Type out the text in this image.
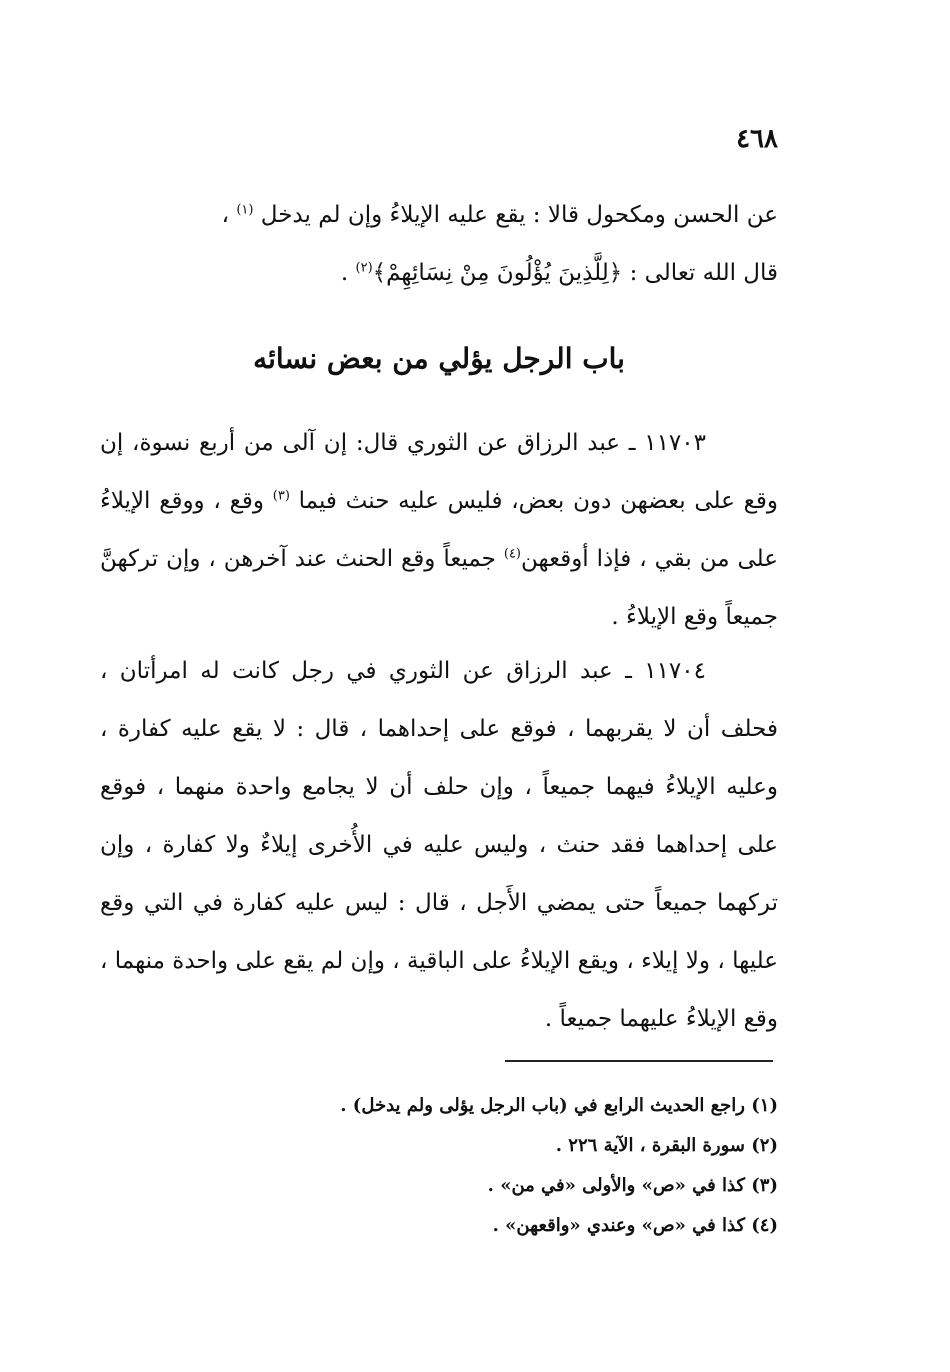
٤٦٨

عن الحسن ومكحول قالا : يقع عليه الإيلاءُ وإن لم يدخل $^{(١)}$ ،

قال الله تعالى : ﴿لِلَّذِينَ يُؤْلُونَ مِنْ نِسَائِهِمْ﴾$^{(٢)}$ .

باب الرجل يؤلي من بعض نسائه

١١٧٠٣ ـ عبد الرزاق عن الثوري قال: إن آلى من أربع نسوة، إن وقع على بعضهن دون بعض، فليس عليه حنث فيما $^{(٣)}$ وقع ، ووقع الإيلاءُ على من بقي ، فإذا أوقعهن$^{(٤)}$ جميعاً وقع الحنث عند آخرهن ، وإن تركهنَّ جميعاً وقع الإيلاءُ .

١١٧٠٤ ـ عبد الرزاق عن الثوري في رجل كانت له امرأتان ، فحلف أن لا يقربهما ، فوقع على إحداهما ، قال : لا يقع عليه كفارة ، وعليه الإيلاءُ فيهما جميعاً ، وإن حلف أن لا يجامع واحدة منهما ، فوقع على إحداهما فقد حنث ، وليس عليه في الأُخرى إيلاءٌ ولا كفارة ، وإن تركهما جميعاً حتى يمضي الأَجل ، قال : ليس عليه كفارة في التي وقع عليها ، ولا إيلاء ، ويقع الإيلاءُ على الباقية ، وإن لم يقع على واحدة منهما ، وقع الإيلاءُ عليهما جميعاً .

(١) راجع الحديث الرابع في (باب الرجل يؤلى ولم يدخل) .
(٢) سورة البقرة ، الآية ٢٢٦ .
(٣) كذا في «ص» والأولى «في من» .
(٤) كذا في «ص» وعندي «واقعهن» .
